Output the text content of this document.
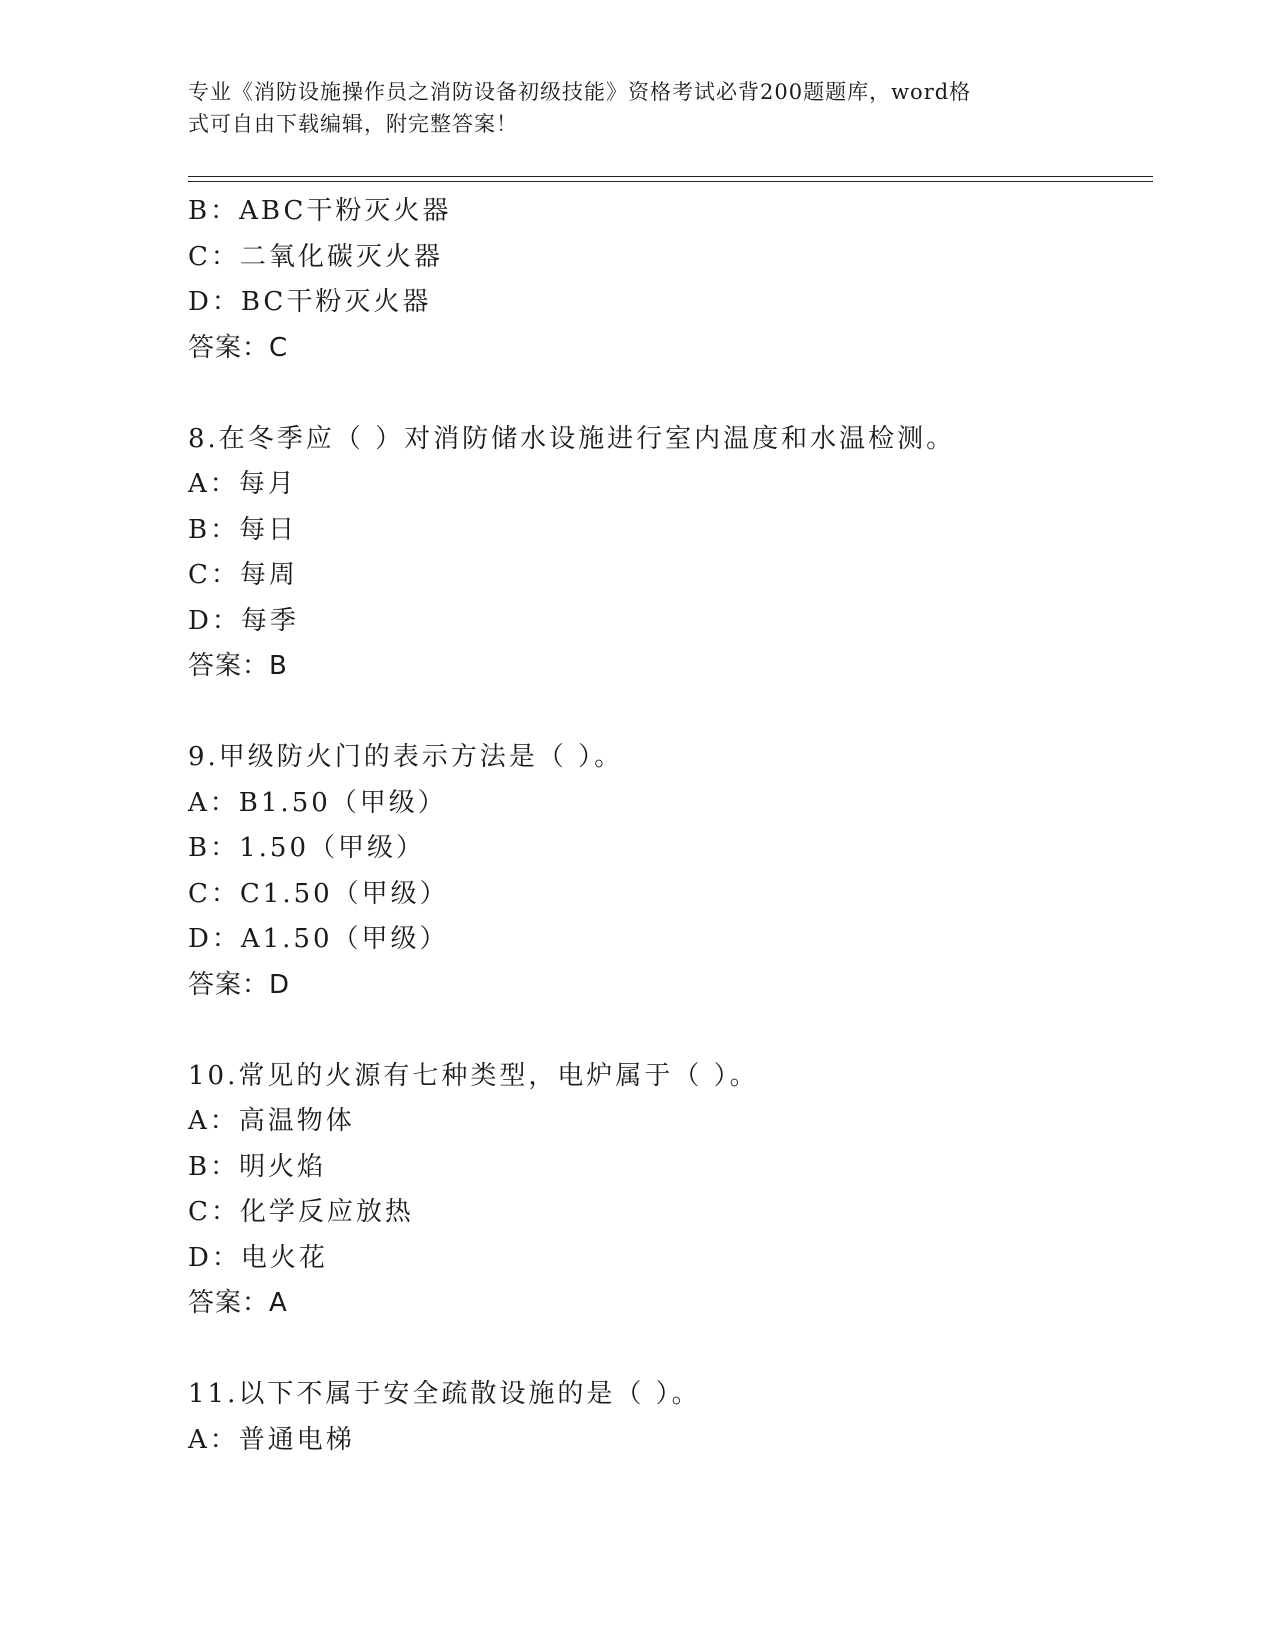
专业《消防设施操作员之消防设备初级技能》资格考试必背200题题库，word格
式可自由下载编辑，附完整答案！
B：ABC干粉灭火器
C：二氧化碳灭火器
D：BC干粉灭火器
答案：C
8.在冬季应（ ）对消防储水设施进行室内温度和水温检测。
A：每月
B：每日
C：每周
D：每季
答案：B
9.甲级防火门的表示方法是（ ）。
A：B1.50（甲级）
B：1.50（甲级）
C：C1.50（甲级）
D：A1.50（甲级）
答案：D
10.常见的火源有七种类型，电炉属于（ ）。
A：高温物体
B：明火焰
C：化学反应放热
D：电火花
答案：A
11.以下不属于安全疏散设施的是（ ）。
A：普通电梯
